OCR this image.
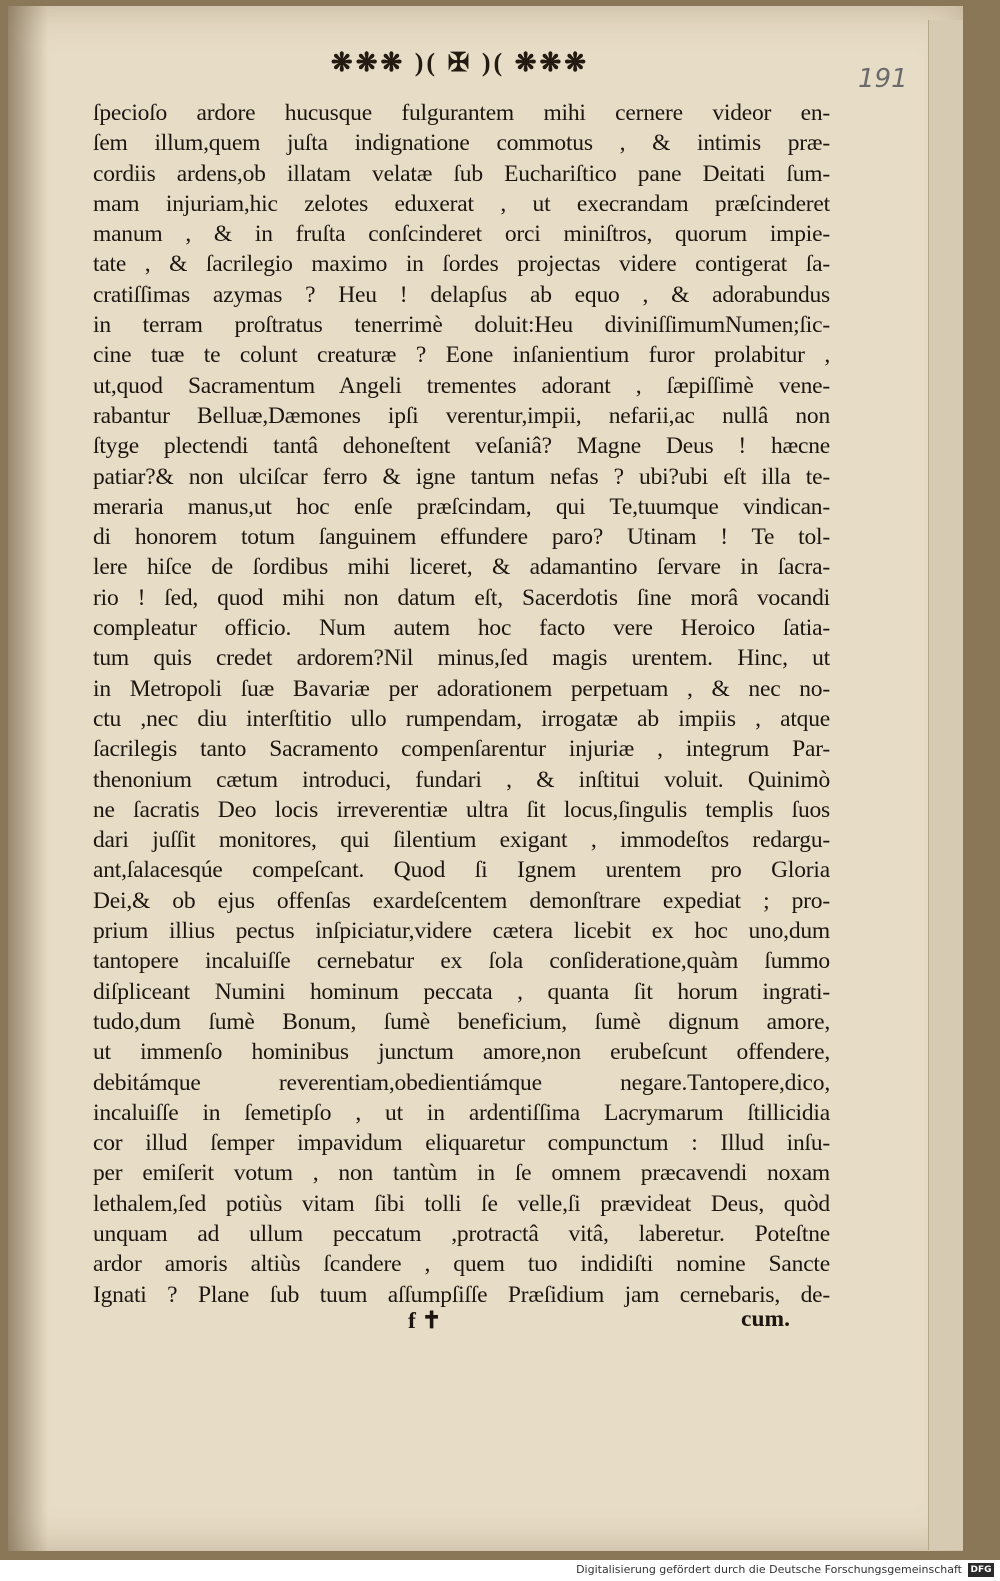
❋❋❋ )( ✠ )( ❋❋❋
191
ſpecioſo ardore hucusque fulgurantem mihi cernere videor en-
ſem illum,quem juſta indignatione commotus , & intimis præ-
cordiis ardens,ob illatam velatæ ſub Euchariſtico pane Deitati ſum-
mam injuriam,hic zelotes eduxerat , ut execrandam præſcinderet
manum , & in fruſta conſcinderet orci miniſtros, quorum impie-
tate , & ſacrilegio maximo in ſordes projectas videre contigerat ſa-
cratiſſimas azymas ? Heu ! delapſus ab equo , & adorabundus
in terram proſtratus tenerrimè doluit:Heu diviniſſimumNumen;ſic-
cine tuæ te colunt creaturæ ? Eone inſanientium furor prolabitur ,
ut,quod Sacramentum Angeli trementes adorant , ſæpiſſimè vene-
rabantur Belluæ,Dæmones ipſi verentur,impii, nefarii,ac nullâ non
ſtyge plectendi tantâ dehoneſtent veſaniâ? Magne Deus ! hæcne
patiar?& non ulciſcar ferro & igne tantum nefas ? ubi?ubi eſt illa te-
meraria manus,ut hoc enſe præſcindam, qui Te,tuumque vindican-
di honorem totum ſanguinem effundere paro? Utinam ! Te tol-
lere hiſce de ſordibus mihi liceret, & adamantino ſervare in ſacra-
rio ! ſed, quod mihi non datum eſt, Sacerdotis ſine morâ vocandi
compleatur officio. Num autem hoc facto vere Heroico ſatia-
tum quis credet ardorem?Nil minus,ſed magis urentem. Hinc, ut
in Metropoli ſuæ Bavariæ per adorationem perpetuam , & nec no-
ctu ,nec diu interſtitio ullo rumpendam, irrogatæ ab impiis , atque
ſacrilegis tanto Sacramento compenſarentur injuriæ , integrum Par-
thenonium cætum introduci, fundari , & inſtitui voluit. Quinimò
ne ſacratis Deo locis irreverentiæ ultra ſit locus,ſingulis templis ſuos
dari juſſit monitores, qui ſilentium exigant , immodeſtos redargu-
ant,ſalacesqúe compeſcant. Quod ſi Ignem urentem pro Gloria
Dei,& ob ejus offenſas exardeſcentem demonſtrare expediat ; pro-
prium illius pectus inſpiciatur,videre cætera licebit ex hoc uno,dum
tantopere incaluiſſe cernebatur ex ſola conſideratione,quàm ſummo
diſpliceant Numini hominum peccata , quanta ſit horum ingrati-
tudo,dum ſumè Bonum, ſumè beneficium, ſumè dignum amore,
ut immenſo hominibus junctum amore,non erubeſcunt offendere,
debitámque reverentiam,obedientiámque negare.Tantopere,dico,
incaluiſſe in ſemetipſo , ut in ardentiſſima Lacrymarum ſtillicidia
cor illud ſemper impavidum eliquaretur compunctum : Illud inſu-
per emiſerit votum , non tantùm in ſe omnem præcavendi noxam
lethalem,ſed potiùs vitam ſibi tolli ſe velle,ſi prævideat Deus, quòd
unquam ad ullum peccatum ,protractâ vitâ, laberetur. Poteſtne
ardor amoris altiùs ſcandere , quem tuo indidiſti nomine Sancte
Ignati ? Plane ſub tuum aſſumpſiſſe Præſidium jam cernebaris, de-
f ✝	cum.
Digitalisierung gefördert durch die Deutsche Forschungsgemeinschaft DFG
